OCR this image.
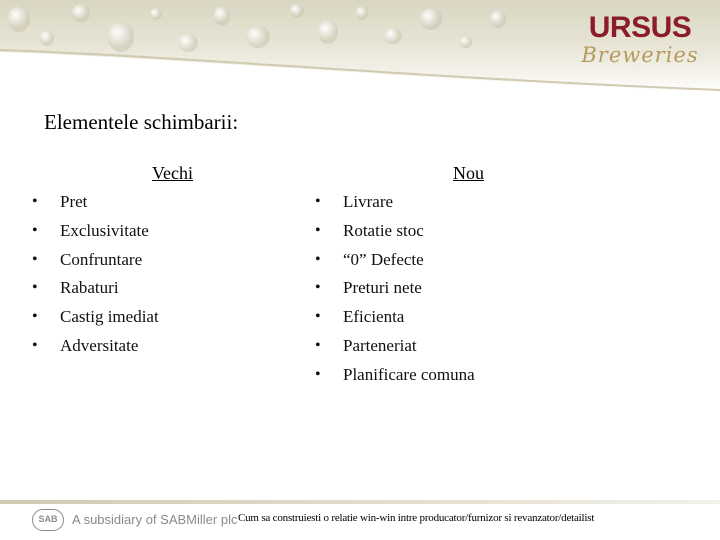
URSUS
Breweries
Elementele schimbarii:
Vechi	Nou
• Pret
• Exclusivitate
• Confruntare
• Rabaturi
• Castig imediat
• Adversitate
• Livrare
• Rotatie stoc
• “0” Defecte
• Preturi nete
• Eficienta
• Parteneriat
• Planificare comuna
SAB	A subsidiary of SABMiller plc Cum sa construiesti o relatie win-win intre producator/furnizor si revanzator/detailist
